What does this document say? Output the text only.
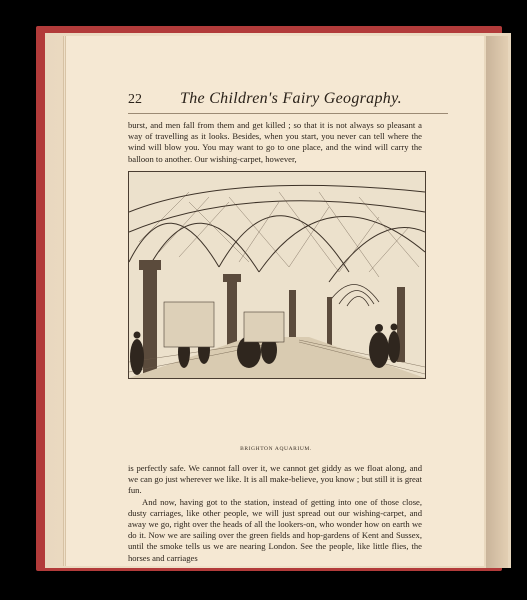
22	The Children's Fairy Geography.

burst, and men fall from them and get killed ; so that it is not always so pleasant a way of travelling as it looks. Besides, when you start, you never can tell where the wind will blow you. You may want to go to one place, and the wind will carry the balloon to another. Our wishing-carpet, however,

BRIGHTON AQUARIUM.

is perfectly safe. We cannot fall over it, we cannot get giddy as we float along, and we can go just wherever we like. It is all make-believe, you know ; but still it is great fun.

And now, having got to the station, instead of getting into one of those close, dusty carriages, like other people, we will just spread out our wishing-carpet, and away we go, right over the heads of all the lookers-on, who wonder how on earth we do it. Now we are sailing over the green fields and hop-gardens of Kent and Sussex, until the smoke tells us we are nearing London. See the people, like little flies, the horses and carriages
